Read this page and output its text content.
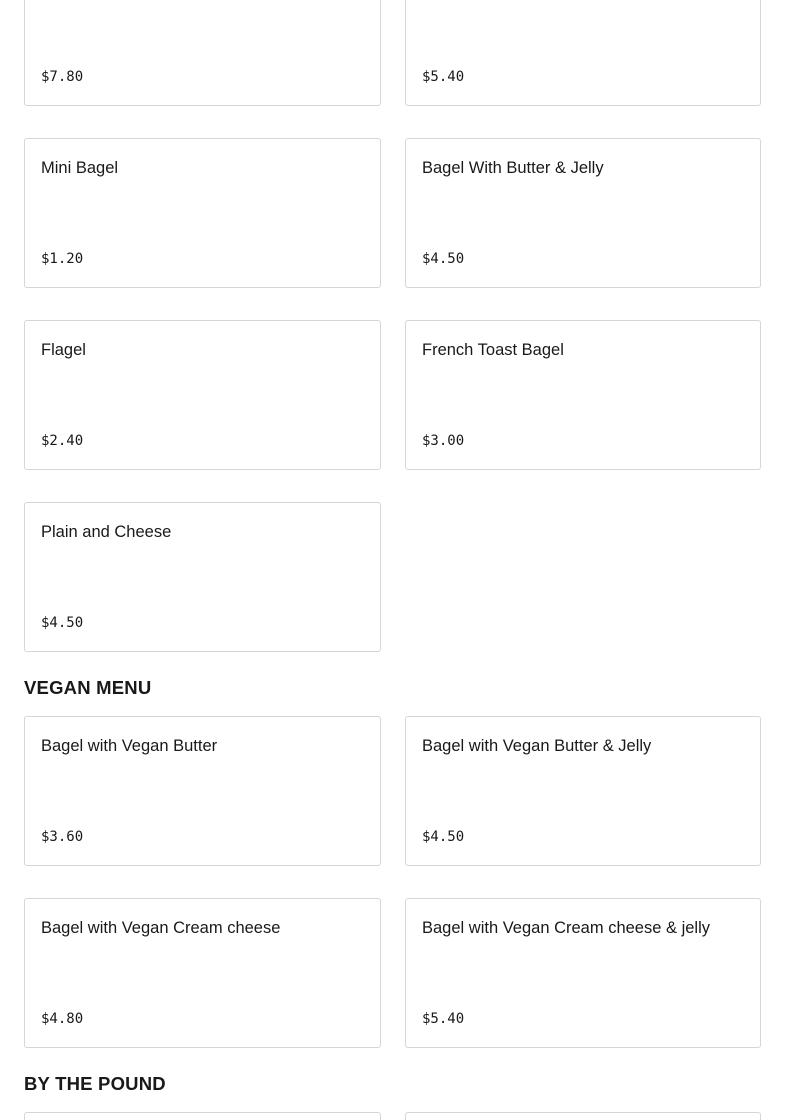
$7.80	$5.40
Mini Bagel
$1.20
Bagel With Butter & Jelly
$4.50
Flagel
$2.40
French Toast Bagel
$3.00
Plain and Cheese
$4.50
VEGAN MENU
Bagel with Vegan Butter
$3.60
Bagel with Vegan Butter & Jelly
$4.50
Bagel with Vegan Cream cheese
$4.80
Bagel with Vegan Cream cheese & jelly
$5.40
BY THE POUND
